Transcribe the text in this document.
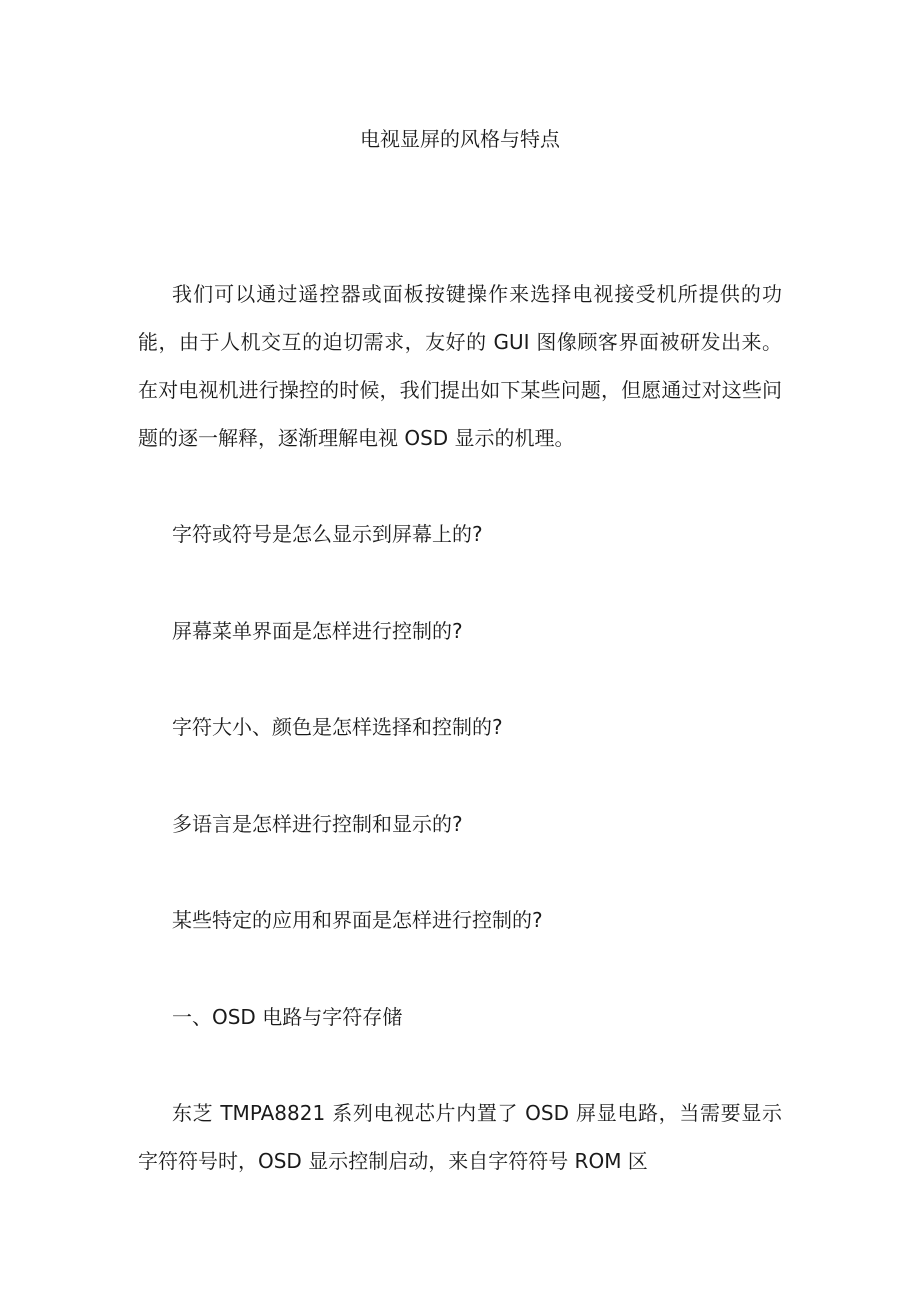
电视显屏的风格与特点

我们可以通过遥控器或面板按键操作来选择电视接受机所提供的功能，由于人机交互的迫切需求，友好的 GUI 图像顾客界面被研发出来。在对电视机进行操控的时候，我们提出如下某些问题，但愿通过对这些问题的逐一解释，逐渐理解电视 OSD 显示的机理。

字符或符号是怎么显示到屏幕上的?

屏幕菜单界面是怎样进行控制的?

字符大小、颜色是怎样选择和控制的?

多语言是怎样进行控制和显示的?

某些特定的应用和界面是怎样进行控制的?

一、OSD 电路与字符存储

东芝 TMPA8821 系列电视芯片内置了 OSD 屏显电路，当需要显示字符符号时，OSD 显示控制启动，来自字符符号 ROM 区
